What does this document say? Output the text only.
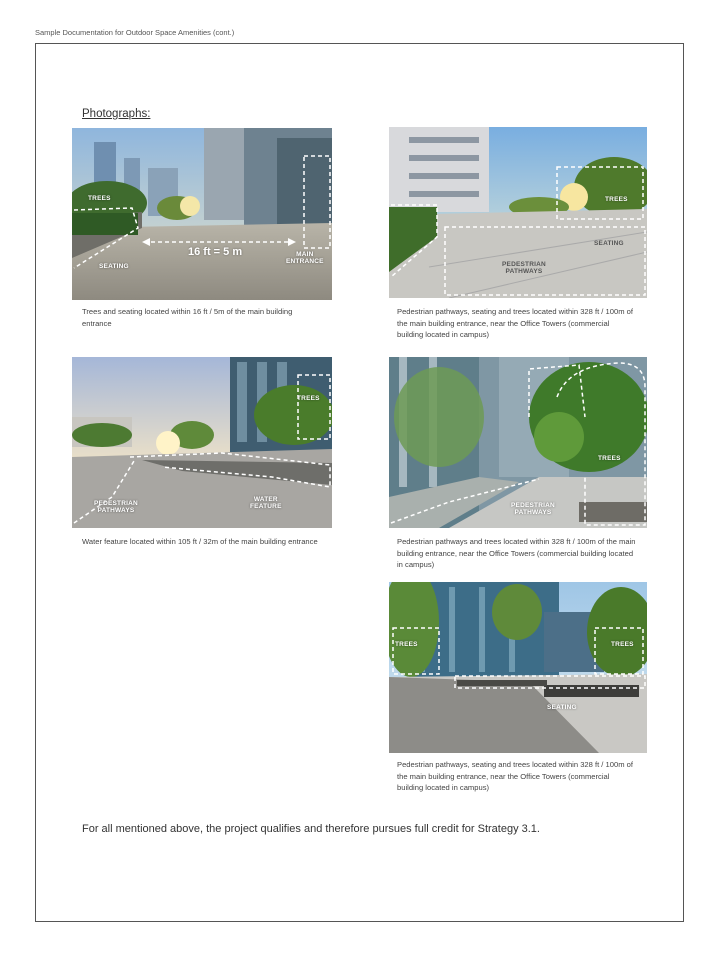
Sample Documentation for Outdoor Space Amenities (cont.)
Photographs:
TREES
SEATING
16 ft = 5 m	MAIN
ENTRANCE
Trees and seating located within 16 ft / 5m of the main building entrance
TREES
SEATING
PEDESTRIAN
PATHWAYS
Pedestrian pathways, seating and trees located within 328 ft / 100m of the main building entrance, near the Office Towers (commercial building located in campus)
TREES
PEDESTRIAN
PATHWAYS
WATER
FEATURE
Water feature located within 105 ft / 32m of the main building entrance
TREES
PEDESTRIAN
PATHWAYS
Pedestrian pathways and trees located within 328 ft / 100m of the main building entrance, near the Office Towers (commercial building located in campus)
TREES	TREES
SEATING
Pedestrian pathways, seating and trees located within 328 ft / 100m of the main building entrance, near the Office Towers (commercial building located in campus)
For all mentioned above, the project qualifies and therefore pursues full credit for Strategy 3.1.
